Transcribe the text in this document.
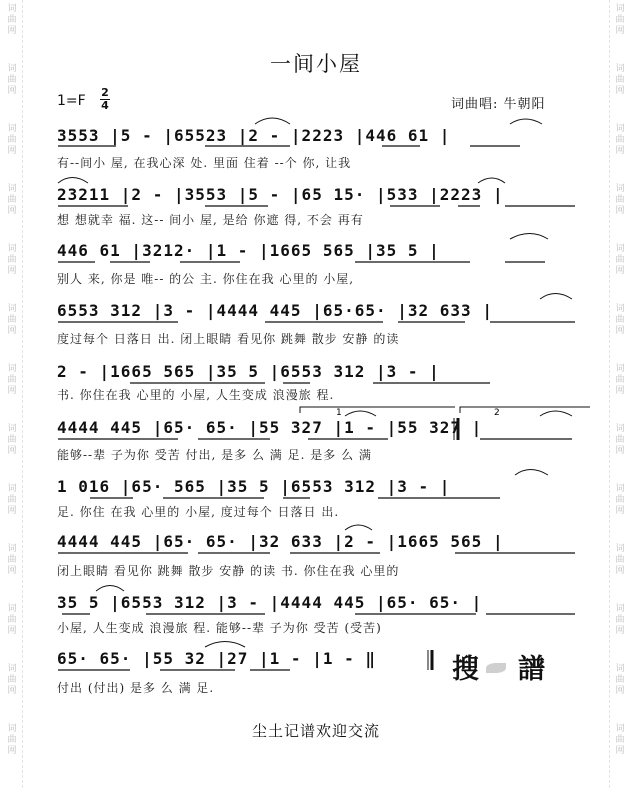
词
曲
网
词
曲
网
词
曲
网
词
曲
网
词
曲
网
词
曲
网
词
曲
网
词
曲
网
词
曲
网
词
曲
网
词
曲
网
词
曲
网
词
曲
网
词
曲
网
词
曲
网
词
曲
网
词
曲
网
词
曲
网
词
曲
网
词
曲
网
词
曲
网
词
曲
网
词
曲
网
词
曲
网
词
曲
网
词
曲
网
一间小屋
1=F
2
4	词曲唱: 牛朝阳
3553 |5 - |65523 |2 - |2223 |446 61 |
有--间小 屋, 在我心深 处. 里面 住着 --个 你, 让我
23211 |2 - |3553 |5 - |65 15· |533 |2223 |
想 想就幸 福. 这-- 间小 屋, 是给 你遮 得, 不会 再有
446 61 |3212· |1 - |1665 565 |35 5 |
别人 来, 你是 唯-- 的公 主. 你住在我 心里的 小屋,
6553 312 |3 - |4444 445 |65·65· |32 633 |
度过每个 日落日 出. 闭上眼睛 看见你 跳舞 散步 安静 的读
2 - |1665 565 |35 5 |6553 312 |3 - |
书. 你住在我 心里的 小屋, 人生变成 浪漫旅 程.
4444 445 |65· 65· |55 327 |1 - |55 327 |
能够--辈 子为你 受苦 付出, 是多 么 满 足. 是多 么 满
1 016 |65· 565 |35 5 |6553 312 |3 - |
足. 你住 在我 心里的 小屋, 度过每个 日落日 出.
4444 445 |65· 65· |32 633 |2 - |1665 565 |
闭上眼睛 看见你 跳舞 散步 安静 的读 书. 你住在我 心里的
35 5 |6553 312 |3 - |4444 445 |65· 65· |
小屋, 人生变成 浪漫旅 程. 能够--辈 子为你 受苦 (受苦)
65· 65· |55 32 |27 |1 - |1 - ‖
付出 (付出) 是多 么 满 足.
1	2
搜 譜
尘土记谱欢迎交流
